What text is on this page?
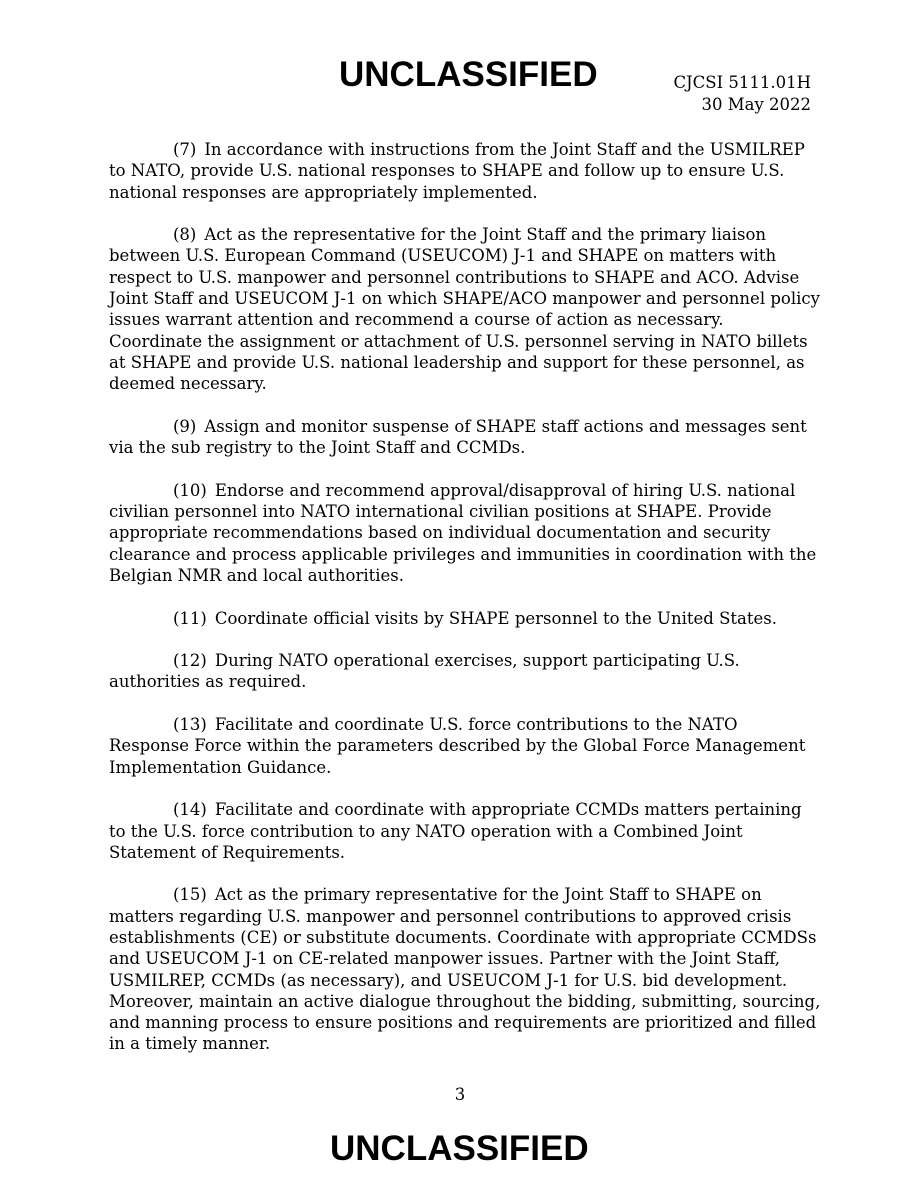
UNCLASSIFIED	CJCSI 5111.01H
30 May 2022

(7) In accordance with instructions from the Joint Staff and the USMILREP to NATO, provide U.S. national responses to SHAPE and follow up to ensure U.S. national responses are appropriately implemented.

(8) Act as the representative for the Joint Staff and the primary liaison between U.S. European Command (USEUCOM) J-1 and SHAPE on matters with respect to U.S. manpower and personnel contributions to SHAPE and ACO. Advise Joint Staff and USEUCOM J-1 on which SHAPE/ACO manpower and personnel policy issues warrant attention and recommend a course of action as necessary. Coordinate the assignment or attachment of U.S. personnel serving in NATO billets at SHAPE and provide U.S. national leadership and support for these personnel, as deemed necessary.

(9) Assign and monitor suspense of SHAPE staff actions and messages sent via the sub registry to the Joint Staff and CCMDs.

(10) Endorse and recommend approval/disapproval of hiring U.S. national civilian personnel into NATO international civilian positions at SHAPE. Provide appropriate recommendations based on individual documentation and security clearance and process applicable privileges and immunities in coordination with the Belgian NMR and local authorities.

(11) Coordinate official visits by SHAPE personnel to the United States.

(12) During NATO operational exercises, support participating U.S. authorities as required.

(13) Facilitate and coordinate U.S. force contributions to the NATO Response Force within the parameters described by the Global Force Management Implementation Guidance.

(14) Facilitate and coordinate with appropriate CCMDs matters pertaining to the U.S. force contribution to any NATO operation with a Combined Joint Statement of Requirements.

(15) Act as the primary representative for the Joint Staff to SHAPE on matters regarding U.S. manpower and personnel contributions to approved crisis establishments (CE) or substitute documents. Coordinate with appropriate CCMDSs and USEUCOM J-1 on CE-related manpower issues. Partner with the Joint Staff, USMILREP, CCMDs (as necessary), and USEUCOM J-1 for U.S. bid development. Moreover, maintain an active dialogue throughout the bidding, submitting, sourcing, and manning process to ensure positions and requirements are prioritized and filled in a timely manner.

3
UNCLASSIFIED
